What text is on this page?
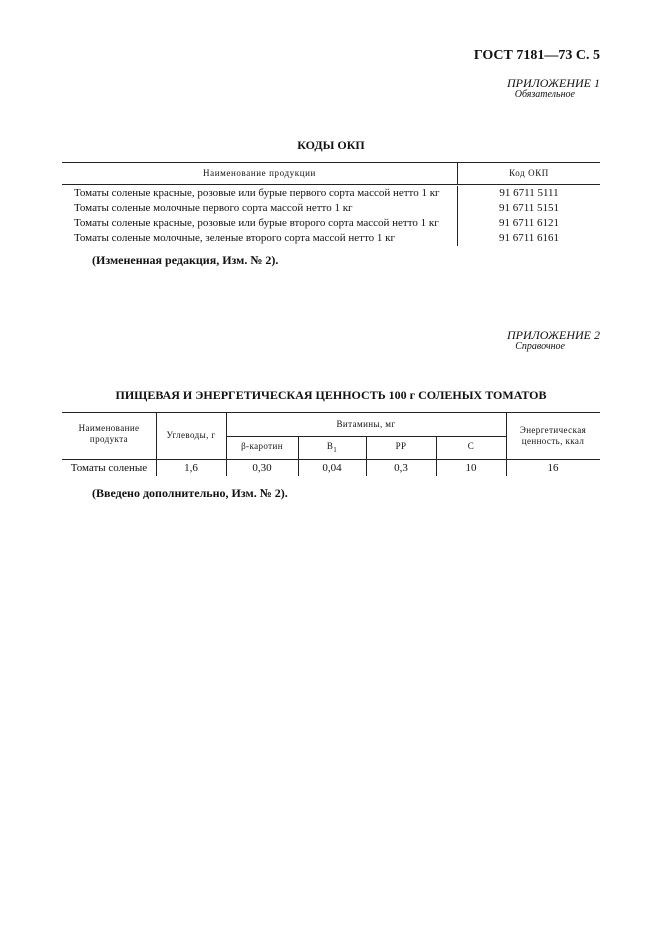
ГОСТ 7181—73 С. 5
ПРИЛОЖЕНИЕ 1
Обязательное
КОДЫ ОКП
Наименование продукции	Код ОКП
Томаты соленые красные, розовые или бурые первого сорта массой нетто 1 кг	91 6711 5111
Томаты соленые молочные первого сорта массой нетто 1 кг	91 6711 5151
Томаты соленые красные, розовые или бурые второго сорта массой нетто 1 кг	91 6711 6121
Томаты соленые молочные, зеленые второго сорта массой нетто 1 кг	91 6711 6161
(Измененная редакция, Изм. № 2).
ПРИЛОЖЕНИЕ 2
Справочное
ПИЩЕВАЯ И ЭНЕРГЕТИЧЕСКАЯ ЦЕННОСТЬ 100 г СОЛЕНЫХ ТОМАТОВ
Наименование продукта	Углеводы, г
Витамины, мг
β-каротин	$B_1$	PP	C
Энергетическая ценность, ккал
Томаты соленые	1,6	0,30	0,04	0,3	10	16
(Введено дополнительно, Изм. № 2).
